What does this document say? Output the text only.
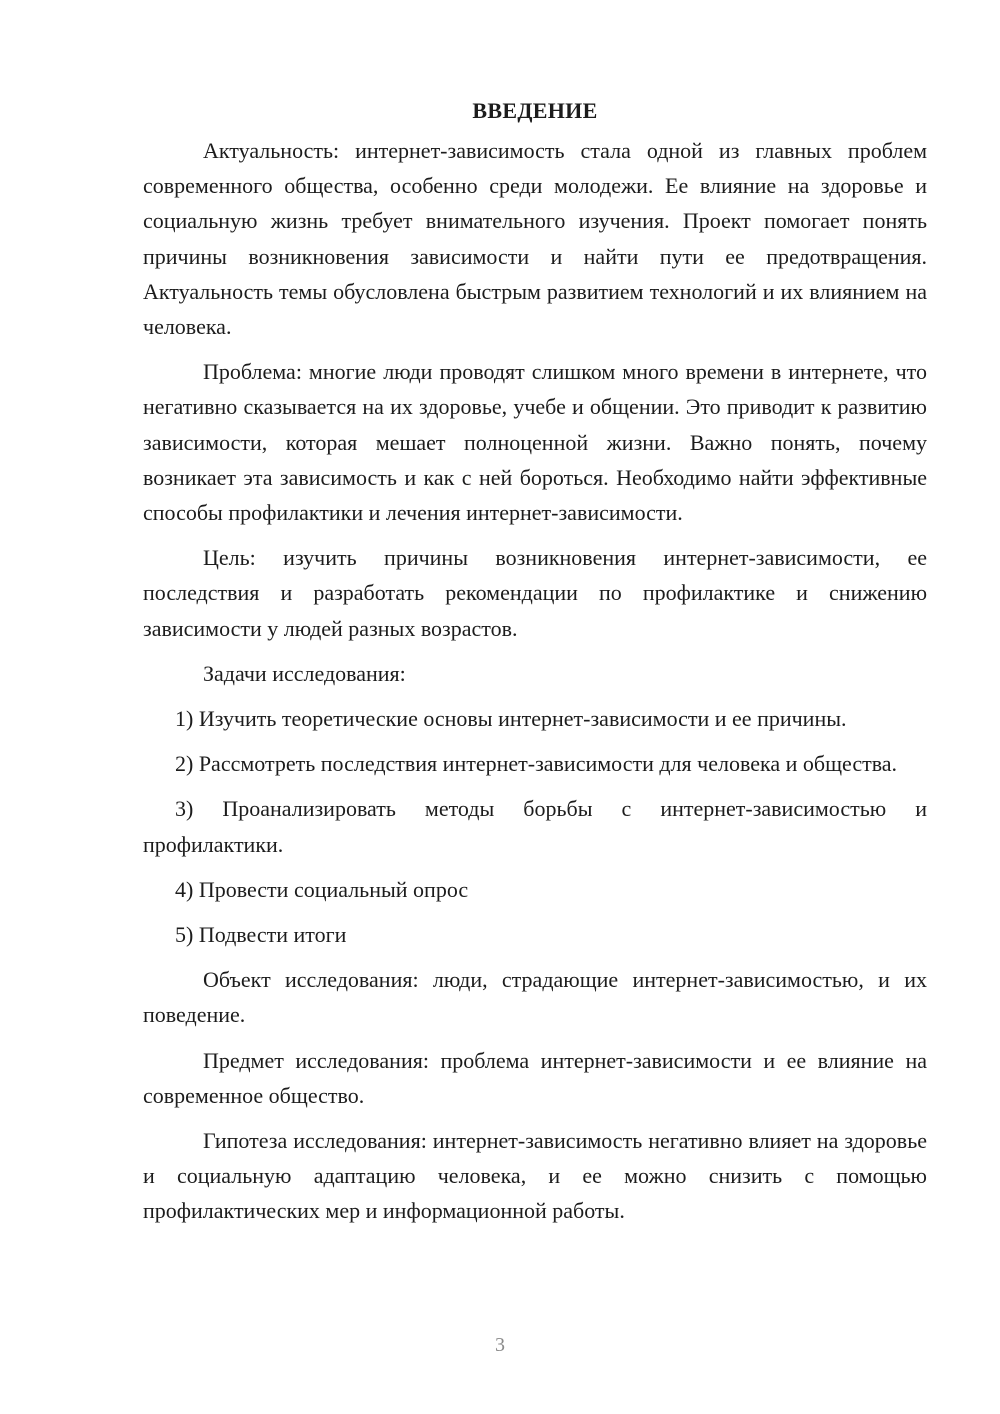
ВВЕДЕНИЕ

Актуальность: интернет-зависимость стала одной из главных проблем современного общества, особенно среди молодежи. Ее влияние на здоровье и социальную жизнь требует внимательного изучения. Проект помогает понять причины возникновения зависимости и найти пути ее предотвращения. Актуальность темы обусловлена быстрым развитием технологий и их влиянием на человека.

Проблема: многие люди проводят слишком много времени в интернете, что негативно сказывается на их здоровье, учебе и общении. Это приводит к развитию зависимости, которая мешает полноценной жизни. Важно понять, почему возникает эта зависимость и как с ней бороться. Необходимо найти эффективные способы профилактики и лечения интернет-зависимости.

Цель: изучить причины возникновения интернет-зависимости, ее последствия и разработать рекомендации по профилактике и снижению зависимости у людей разных возрастов.

Задачи исследования:

1) Изучить теоретические основы интернет-зависимости и ее причины.

2) Рассмотреть последствия интернет-зависимости для человека и общества.

3) Проанализировать методы борьбы с интернет-зависимостью и профилактики.

4) Провести социальный опрос

5) Подвести итоги

Объект исследования: люди, страдающие интернет-зависимостью, и их поведение.

Предмет исследования: проблема интернет-зависимости и ее влияние на современное общество.

Гипотеза исследования: интернет-зависимость негативно влияет на здоровье и социальную адаптацию человека, и ее можно снизить с помощью профилактических мер и информационной работы.

3
